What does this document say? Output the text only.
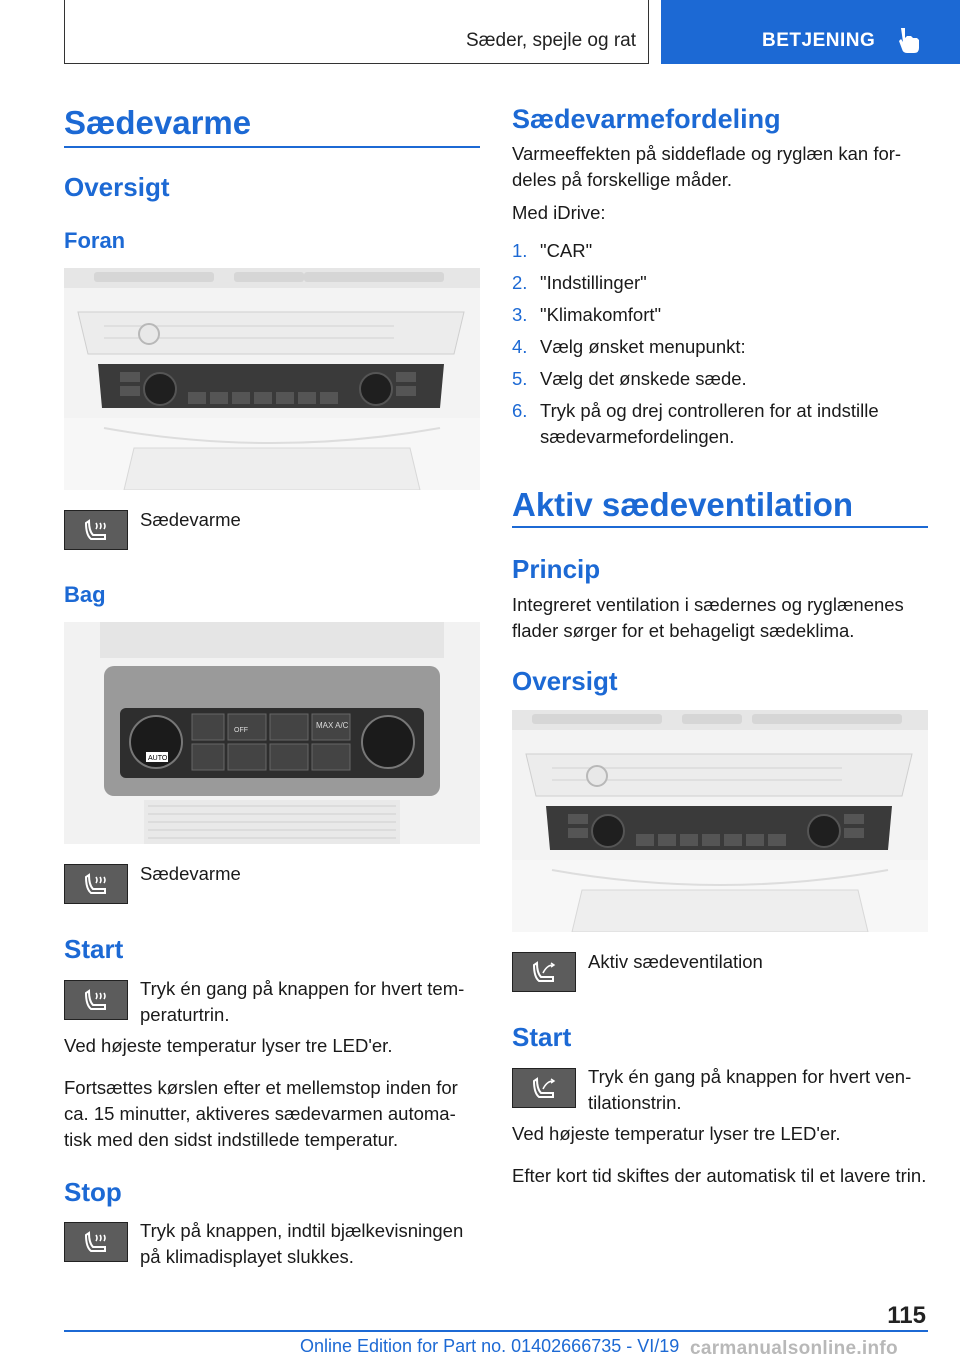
Sæder, spejle og rat	BETJENING
Sædevarme
Oversigt
Foran
Sædevarme
Bag
AUTO
MAX A/C
OFF
Sædevarme
Start
Tryk én gang på knappen for hvert tem-peraturtrin.

Ved højeste temperatur lyser tre LED'er.

Fortsættes kørslen efter et mellemstop inden for ca. 15 minutter, aktiveres sædevarmen automa-tisk med den sidst indstillede temperatur.

Stop
Tryk på knappen, indtil bjælkevisningen på klimadisplayet slukkes.
Sædevarmefordeling

Varmeeffekten på siddeflade og ryglæn kan for-deles på forskellige måder.

Med iDrive:

1. "CAR"
2. "Indstillinger"
3. "Klimakomfort"
4. Vælg ønsket menupunkt:
5. Vælg det ønskede sæde.
6. Tryk på og drej controlleren for at indstille sædevarmefordelingen.
Aktiv sædeventilation
Princip

Integreret ventilation i sædernes og ryglænenes flader sørger for et behageligt sædeklima.

Oversigt
Aktiv sædeventilation
Start
Tryk én gang på knappen for hvert ven-tilationstrin.

Ved højeste temperatur lyser tre LED'er.

Efter kort tid skiftes der automatisk til et lavere trin.

115
Online Edition for Part no. 01402666735 - VI/19 carmanualsonline.info
